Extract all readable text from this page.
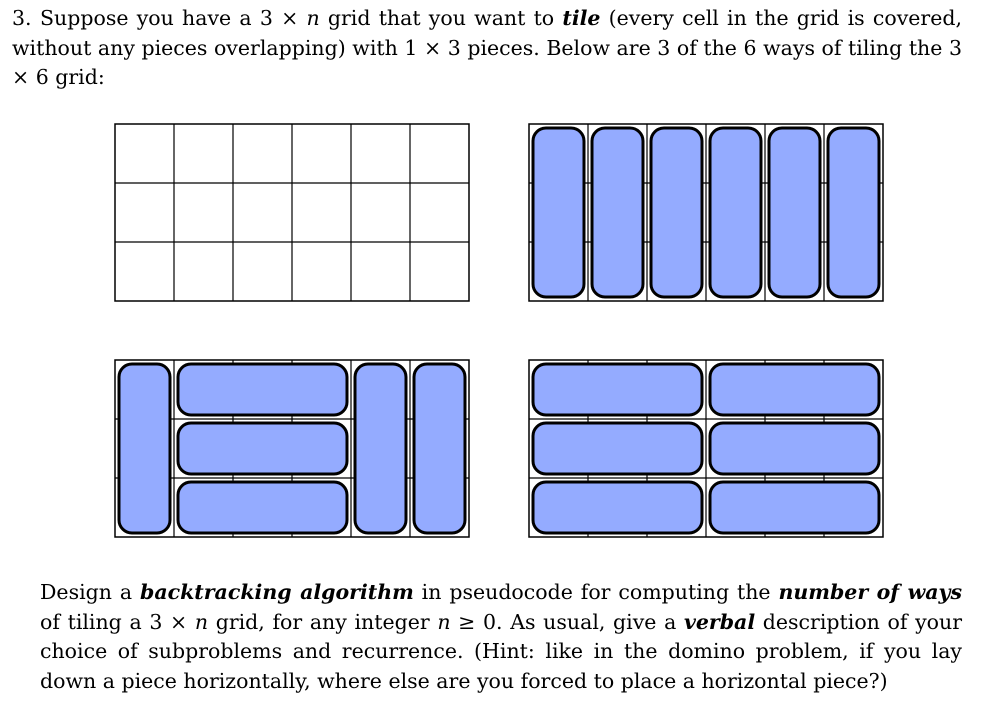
3. Suppose you have a 3 × n grid that you want to tile (every cell in the grid is covered, without any pieces overlapping) with 1 × 3 pieces. Below are 3 of the 6 ways of tiling the 3 × 6 grid:

Design a backtracking algorithm in pseudocode for computing the number of ways of tiling a 3 × n grid, for any integer n ≥ 0. As usual, give a verbal description of your choice of subproblems and recurrence. (Hint: like in the domino problem, if you lay down a piece horizontally, where else are you forced to place a horizontal piece?)
